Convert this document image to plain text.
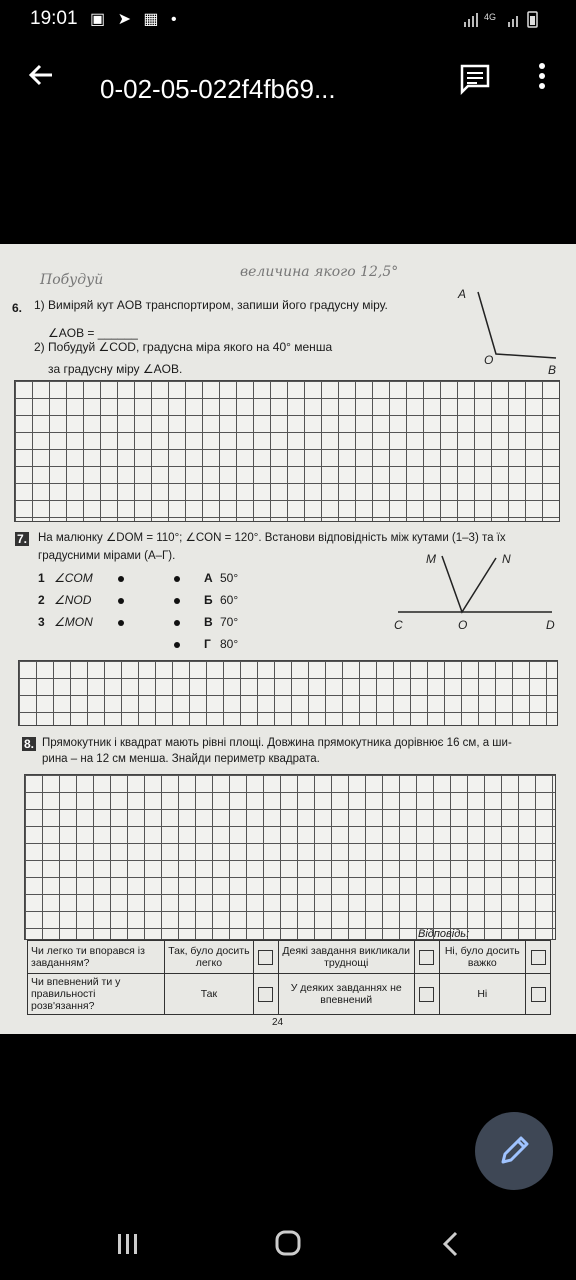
19:01 ▣ ➤ ▦ •	4G
0-02-05-022f4fb69...
Побудуй	величина якого 12,5°
6. 1) Виміряй кут AOB транспортиром, запиши його градусну міру.
∠AOB = ______
2) Побудуй ∠COD, градусна міра якого на 40° менша
за градусну міру ∠AOB.
A
O
B
7. На малюнку ∠DOM = 110°; ∠CON = 120°. Встанови відповідність між кутами (1–3) та їх
градусними мірами (А–Г).
1 ∠COM
2 ∠NOD
3 ∠MON
А 50°
Б 60°
В 70°
Г 80°
M	N
C	O	D
8. Прямокутник і квадрат мають рівні площі. Довжина прямокутника дорівнює 16 см, а ши-
рина – на 12 см менша. Знайди периметр квадрата.
Відповідь:
Чи легко ти впорався із завданням?	Так, було досить легко		Деякі завдання викликали труднощі		Ні, було досить важко	
Чи впевнений ти у правильності розв'язання?	Так		У деяких завданнях не впевнений		Ні	
24
